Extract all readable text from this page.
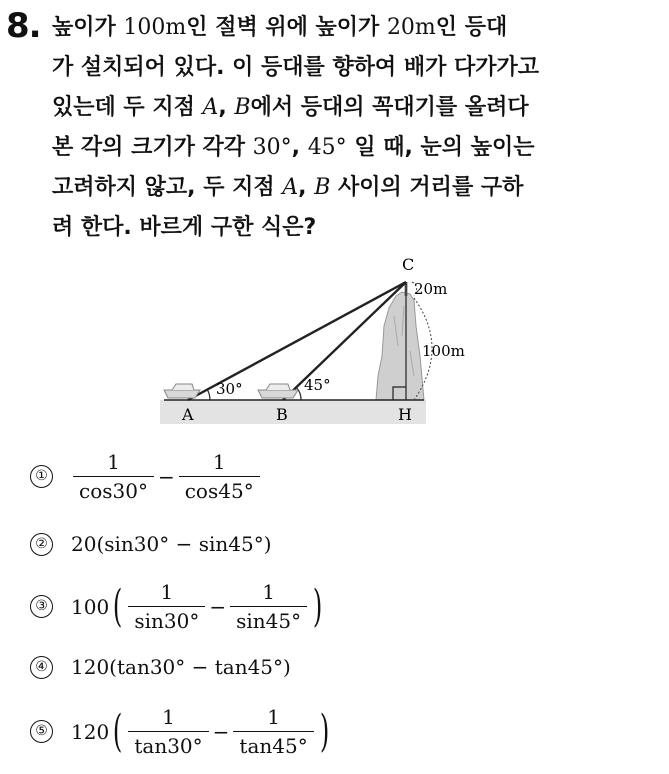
8. 높이가 100m인 절벽 위에 높이가 20m인 등대
가 설치되어 있다. 이 등대를 향하여 배가 다가가고
있는데 두 지점 A, B에서 등대의 꼭대기를 올려다
본 각의 크기가 각각 30°, 45° 일 때, 눈의 높이는
고려하지 않고, 두 지점 A, B 사이의 거리를 구하
려 한다. 바르게 구한 식은?
C
A	B	H
30°	45°
20m
100m
① $\frac{1}{\cos 30^\circ} - \frac{1}{\cos 45^\circ}$
② 20(sin30° − sin45°)
③ 100 ( $\frac{1}{\sin 30^\circ} - \frac{1}{\sin 45^\circ}$ )
④ 120(tan30° − tan45°)
⑤ 120 ( $\frac{1}{\tan 30^\circ} - \frac{1}{\tan 45^\circ}$ )
